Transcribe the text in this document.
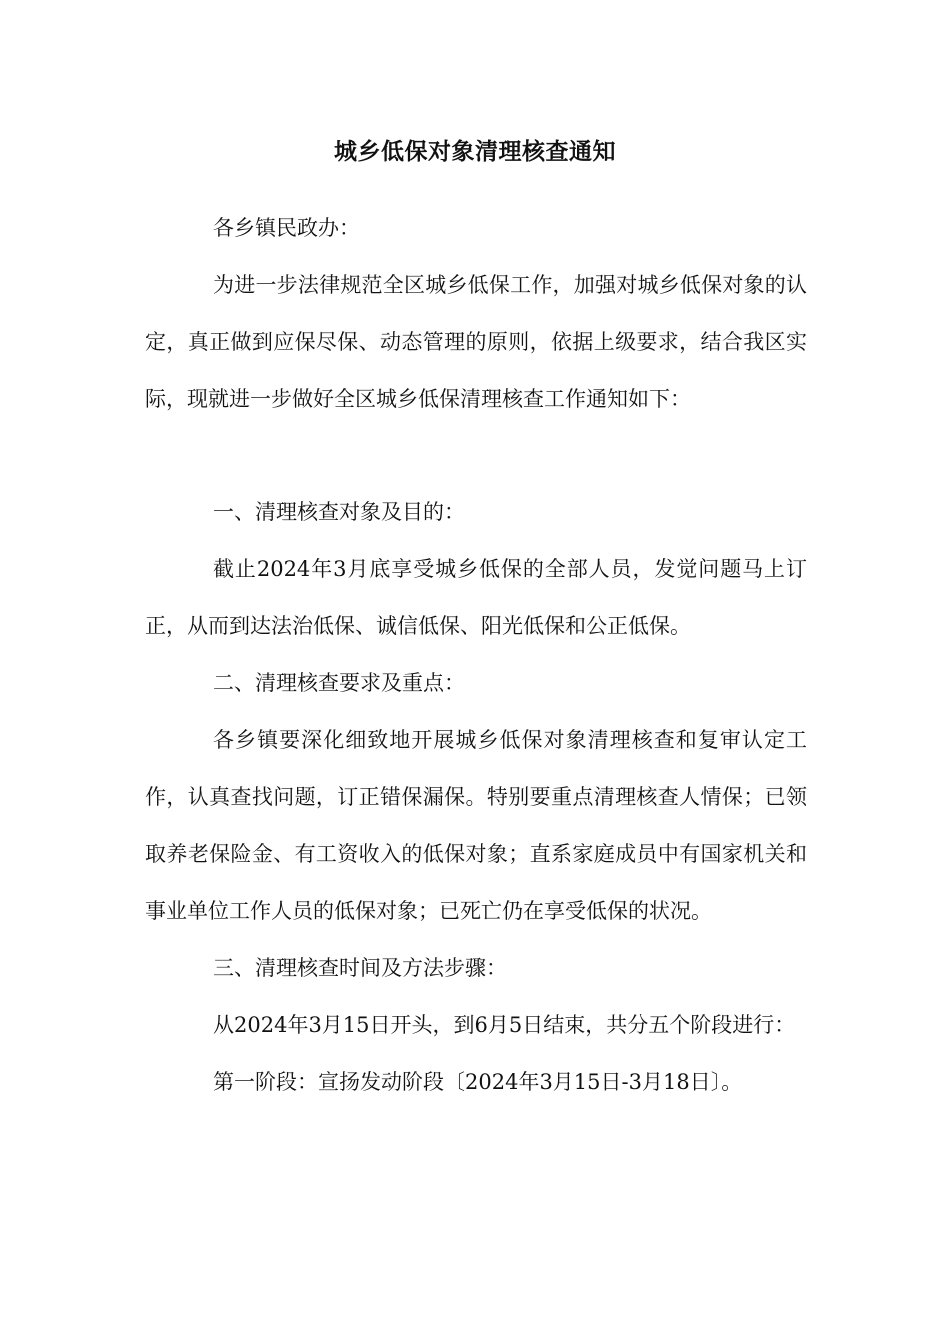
城乡低保对象清理核查通知

各乡镇民政办：

为进一步法律规范全区城乡低保工作，加强对城乡低保对象的认定，真正做到应保尽保、动态管理的原则，依据上级要求，结合我区实际，现就进一步做好全区城乡低保清理核查工作通知如下：

一、清理核查对象及目的：

截止2024年3月底享受城乡低保的全部人员，发觉问题马上订正，从而到达法治低保、诚信低保、阳光低保和公正低保。

二、清理核查要求及重点：

各乡镇要深化细致地开展城乡低保对象清理核查和复审认定工作，认真查找问题，订正错保漏保。特别要重点清理核查人情保；已领取养老保险金、有工资收入的低保对象；直系家庭成员中有国家机关和事业单位工作人员的低保对象；已死亡仍在享受低保的状况。

三、清理核查时间及方法步骤：

从2024年3月15日开头，到6月5日结束，共分五个阶段进行：

第一阶段：宣扬发动阶段〔2024年3月15日-3月18日〕。
